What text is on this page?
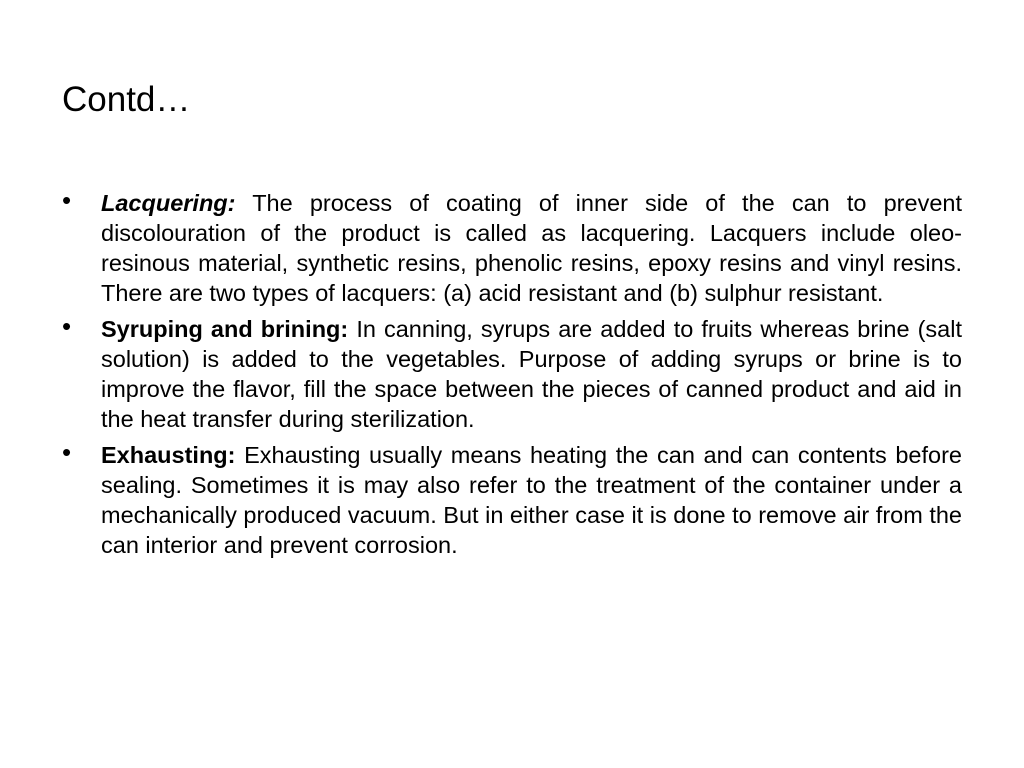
Contd…
• Lacquering: The process of coating of inner side of the can to prevent discolouration of the product is called as lacquering. Lacquers include oleo-resinous material, synthetic resins, phenolic resins, epoxy resins and vinyl resins. There are two types of lacquers: (a) acid resistant and (b) sulphur resistant.
• Syruping and brining: In canning, syrups are added to fruits whereas brine (salt solution) is added to the vegetables. Purpose of adding syrups or brine is to improve the flavor, fill the space between the pieces of canned product and aid in the heat transfer during sterilization.
• Exhausting: Exhausting usually means heating the can and can contents before sealing. Sometimes it is may also refer to the treatment of the container under a mechanically produced vacuum. But in either case it is done to remove air from the can interior and prevent corrosion.
